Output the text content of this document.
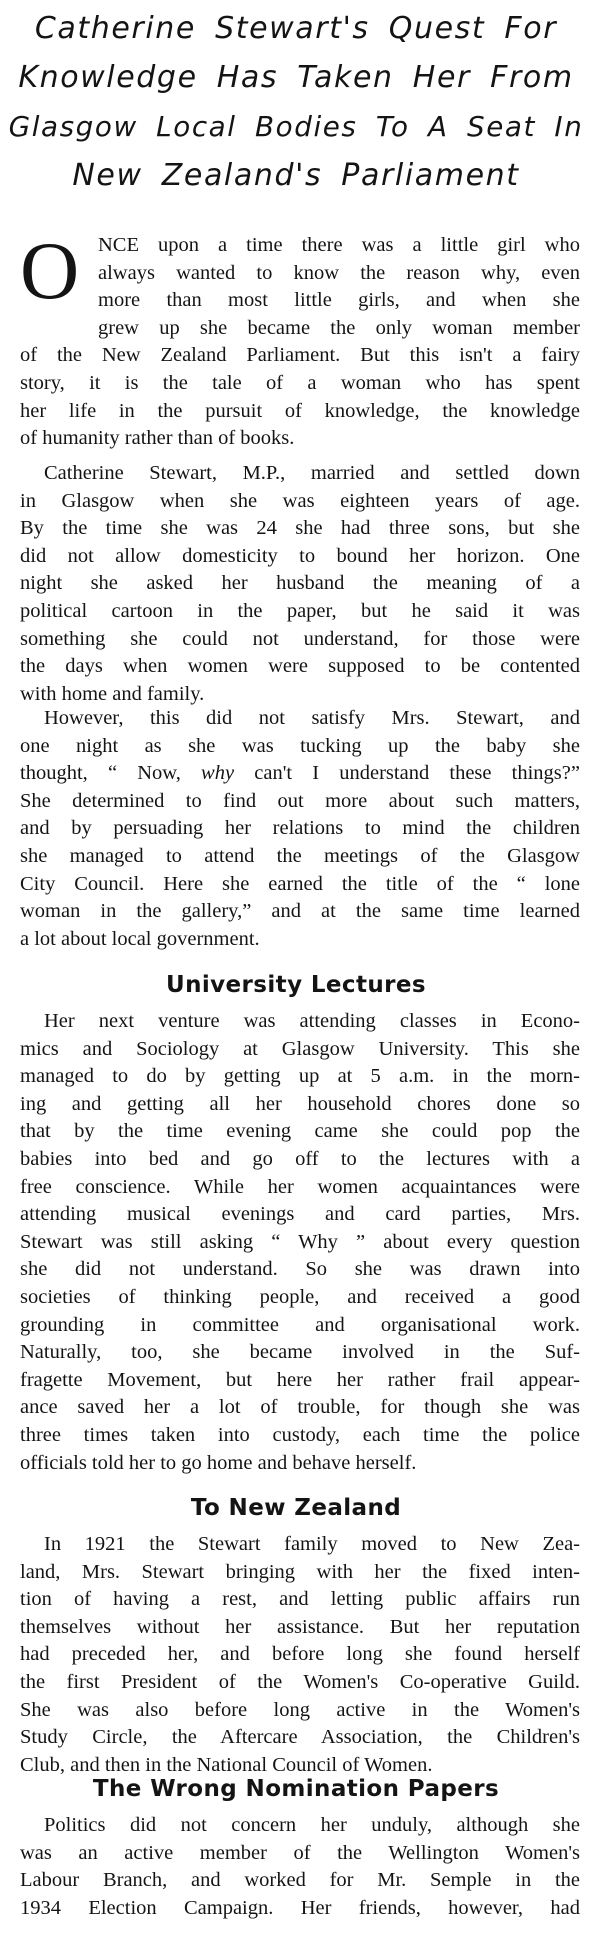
Catherine Stewart's Quest For
Knowledge Has Taken Her From
Glasgow Local Bodies To A Seat In
New Zealand's Parliament
O NCE upon a time there was a little girl who
always wanted to know the reason why, even
more than most little girls, and when she
grew up she became the only woman member
of the New Zealand Parliament. But this isn't a fairy
story, it is the tale of a woman who has spent
her life in the pursuit of knowledge, the knowledge
of humanity rather than of books.
Catherine Stewart, M.P., married and settled down
in Glasgow when she was eighteen years of age.
By the time she was 24 she had three sons, but she
did not allow domesticity to bound her horizon. One
night she asked her husband the meaning of a
political cartoon in the paper, but he said it was
something she could not understand, for those were
the days when women were supposed to be contented
with home and family.
However, this did not satisfy Mrs. Stewart, and
one night as she was tucking up the baby she
thought, “ Now, why can't I understand these things?”
She determined to find out more about such matters,
and by persuading her relations to mind the children
she managed to attend the meetings of the Glasgow
City Council. Here she earned the title of the “ lone
woman in the gallery,” and at the same time learned
a lot about local government.
University Lectures
Her next venture was attending classes in Econo-
mics and Sociology at Glasgow University. This she
managed to do by getting up at 5 a.m. in the morn-
ing and getting all her household chores done so
that by the time evening came she could pop the
babies into bed and go off to the lectures with a
free conscience. While her women acquaintances were
attending musical evenings and card parties, Mrs.
Stewart was still asking “ Why ” about every question
she did not understand. So she was drawn into
societies of thinking people, and received a good
grounding in committee and organisational work.
Naturally, too, she became involved in the Suf-
fragette Movement, but here her rather frail appear-
ance saved her a lot of trouble, for though she was
three times taken into custody, each time the police
officials told her to go home and behave herself.
To New Zealand
In 1921 the Stewart family moved to New Zea-
land, Mrs. Stewart bringing with her the fixed inten-
tion of having a rest, and letting public affairs run
themselves without her assistance. But her reputation
had preceded her, and before long she found herself
the first President of the Women's Co-operative Guild.
She was also before long active in the Women's
Study Circle, the Aftercare Association, the Children's
Club, and then in the National Council of Women.
The Wrong Nomination Papers
Politics did not concern her unduly, although she
was an active member of the Wellington Women's
Labour Branch, and worked for Mr. Semple in the
1934 Election Campaign. Her friends, however, had
